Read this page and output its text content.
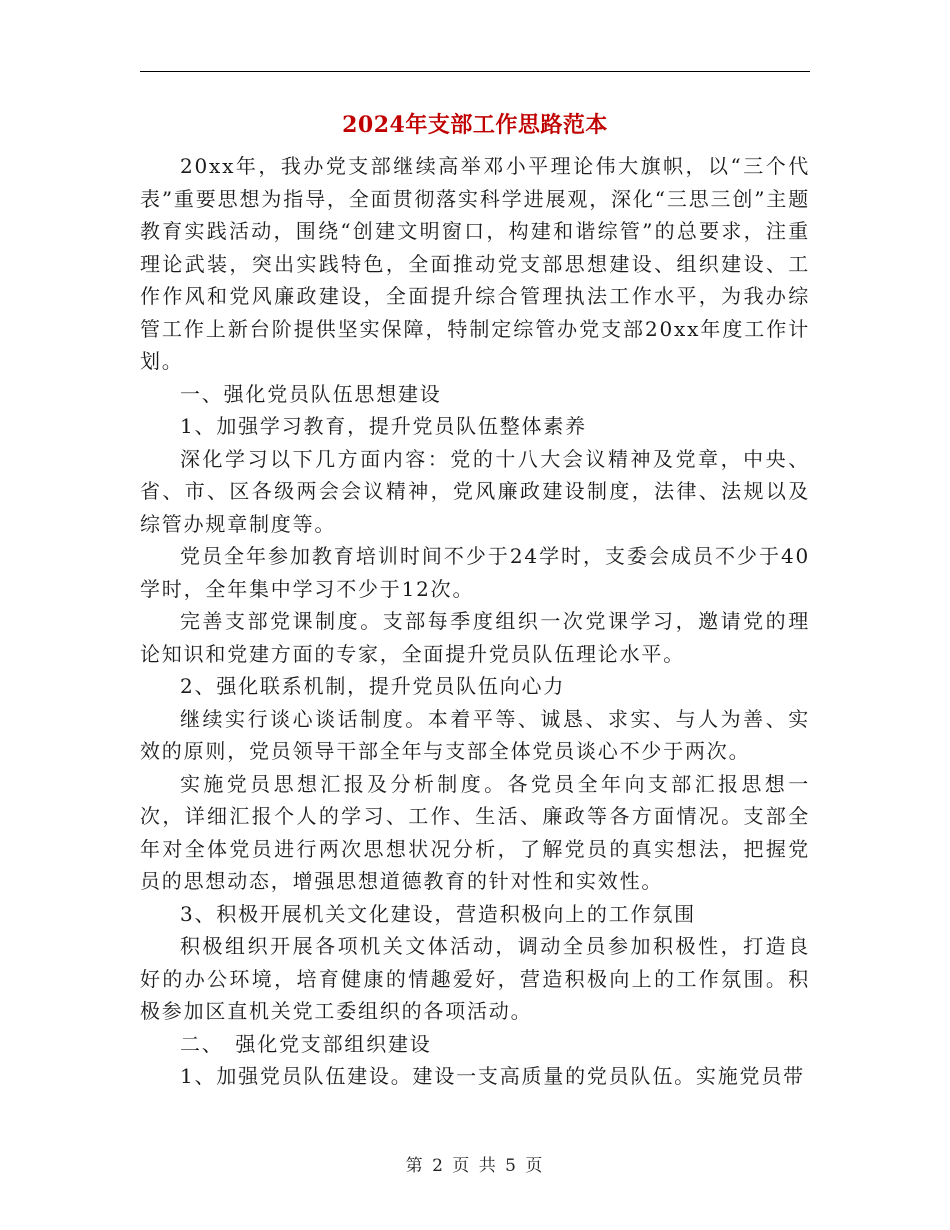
2024年支部工作思路范本

20xx年，我办党支部继续高举邓小平理论伟大旗帜，以“三个代表”重要思想为指导，全面贯彻落实科学进展观，深化“三思三创”主题教育实践活动，围绕“创建文明窗口，构建和谐综管”的总要求，注重理论武装，突出实践特色，全面推动党支部思想建设、组织建设、工作作风和党风廉政建设，全面提升综合管理执法工作水平，为我办综管工作上新台阶提供坚实保障，特制定综管办党支部20xx年度工作计划。

一、强化党员队伍思想建设

1、加强学习教育，提升党员队伍整体素养

深化学习以下几方面内容：党的十八大会议精神及党章，中央、省、市、区各级两会会议精神，党风廉政建设制度，法律、法规以及综管办规章制度等。

党员全年参加教育培训时间不少于24学时，支委会成员不少于40学时，全年集中学习不少于12次。

完善支部党课制度。支部每季度组织一次党课学习，邀请党的理论知识和党建方面的专家，全面提升党员队伍理论水平。

2、强化联系机制，提升党员队伍向心力

继续实行谈心谈话制度。本着平等、诚恳、求实、与人为善、实效的原则，党员领导干部全年与支部全体党员谈心不少于两次。

实施党员思想汇报及分析制度。各党员全年向支部汇报思想一次，详细汇报个人的学习、工作、生活、廉政等各方面情况。支部全年对全体党员进行两次思想状况分析，了解党员的真实想法，把握党员的思想动态，增强思想道德教育的针对性和实效性。

3、积极开展机关文化建设，营造积极向上的工作氛围

积极组织开展各项机关文体活动，调动全员参加积极性，打造良好的办公环境，培育健康的情趣爱好，营造积极向上的工作氛围。积极参加区直机关党工委组织的各项活动。

二、　强化党支部组织建设

1、加强党员队伍建设。建设一支高质量的党员队伍。实施党员带

第 2 页 共 5 页
